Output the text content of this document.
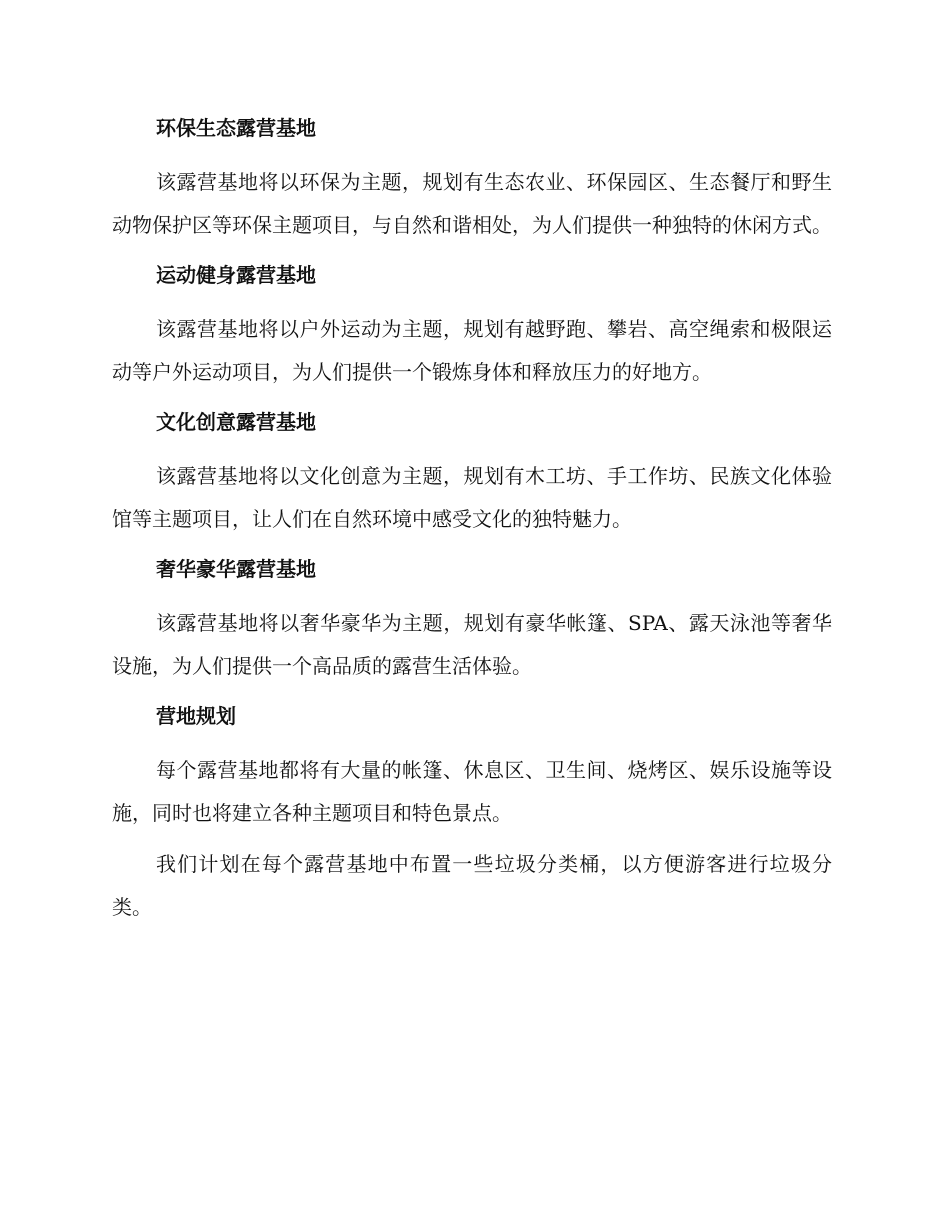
环保生态露营基地

该露营基地将以环保为主题，规划有生态农业、环保园区、生态餐厅和野生动物保护区等环保主题项目，与自然和谐相处，为人们提供一种独特的休闲方式。

运动健身露营基地

该露营基地将以户外运动为主题，规划有越野跑、攀岩、高空绳索和极限运动等户外运动项目，为人们提供一个锻炼身体和释放压力的好地方。

文化创意露营基地

该露营基地将以文化创意为主题，规划有木工坊、手工作坊、民族文化体验馆等主题项目，让人们在自然环境中感受文化的独特魅力。

奢华豪华露营基地

该露营基地将以奢华豪华为主题，规划有豪华帐篷、SPA、露天泳池等奢华设施，为人们提供一个高品质的露营生活体验。

营地规划

每个露营基地都将有大量的帐篷、休息区、卫生间、烧烤区、娱乐设施等设施，同时也将建立各种主题项目和特色景点。

我们计划在每个露营基地中布置一些垃圾分类桶，以方便游客进行垃圾分类。
